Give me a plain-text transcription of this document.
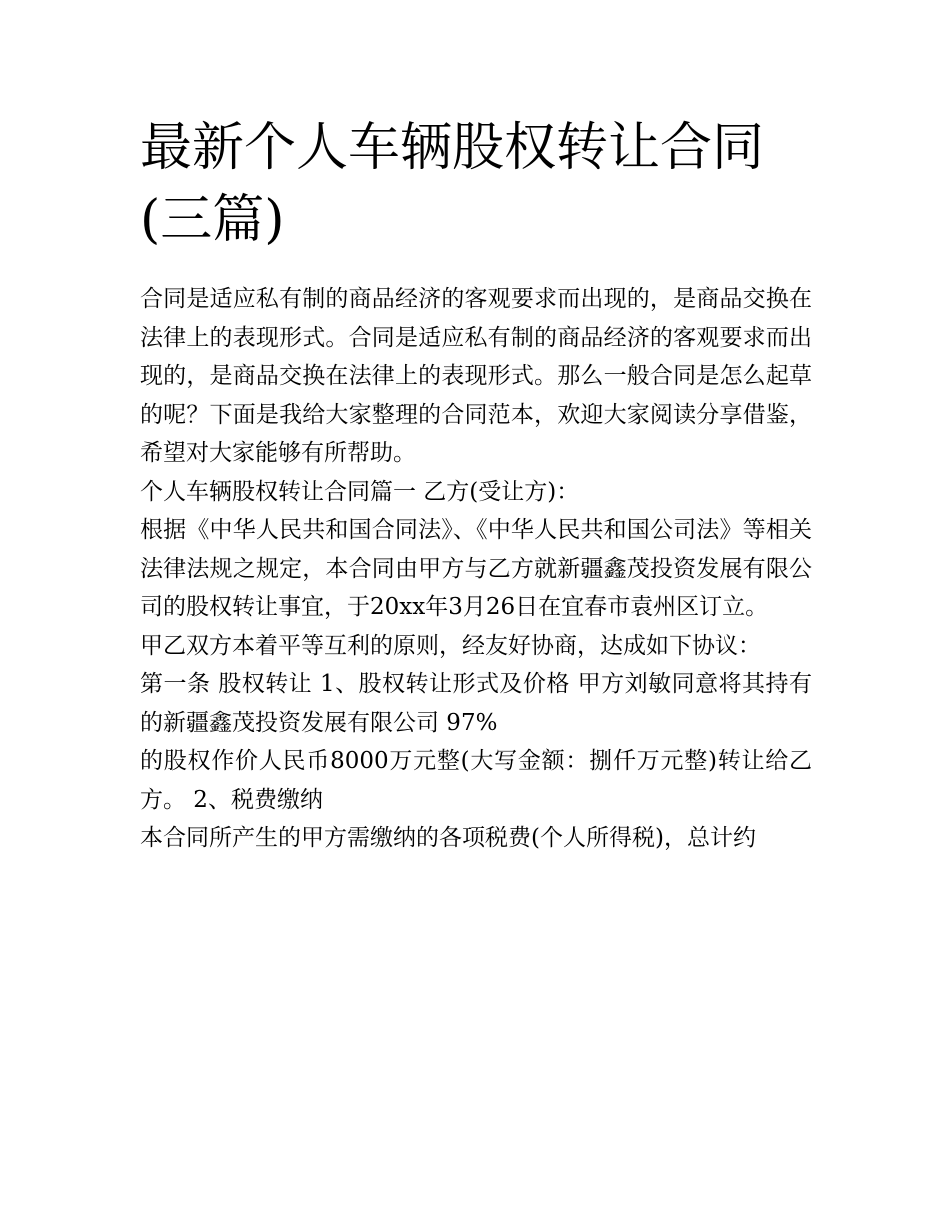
最新个人车辆股权转让合同(三篇)

合同是适应私有制的商品经济的客观要求而出现的，是商品交换在法律上的表现形式。合同是适应私有制的商品经济的客观要求而出现的，是商品交换在法律上的表现形式。那么一般合同是怎么起草的呢？下面是我给大家整理的合同范本，欢迎大家阅读分享借鉴，希望对大家能够有所帮助。

个人车辆股权转让合同篇一 乙方(受让方)：

根据《中华人民共和国合同法》、《中华人民共和国公司法》等相关法律法规之规定，本合同由甲方与乙方就新疆鑫茂投资发展有限公司的股权转让事宜，于20xx年3月26日在宜春市袁州区订立。

甲乙双方本着平等互利的原则，经友好协商，达成如下协议：

第一条 股权转让 1、股权转让形式及价格 甲方刘敏同意将其持有的新疆鑫茂投资发展有限公司 97%

的股权作价人民币8000万元整(大写金额：捌仟万元整)转让给乙方。 2、税费缴纳

本合同所产生的甲方需缴纳的各项税费(个人所得税)，总计约
